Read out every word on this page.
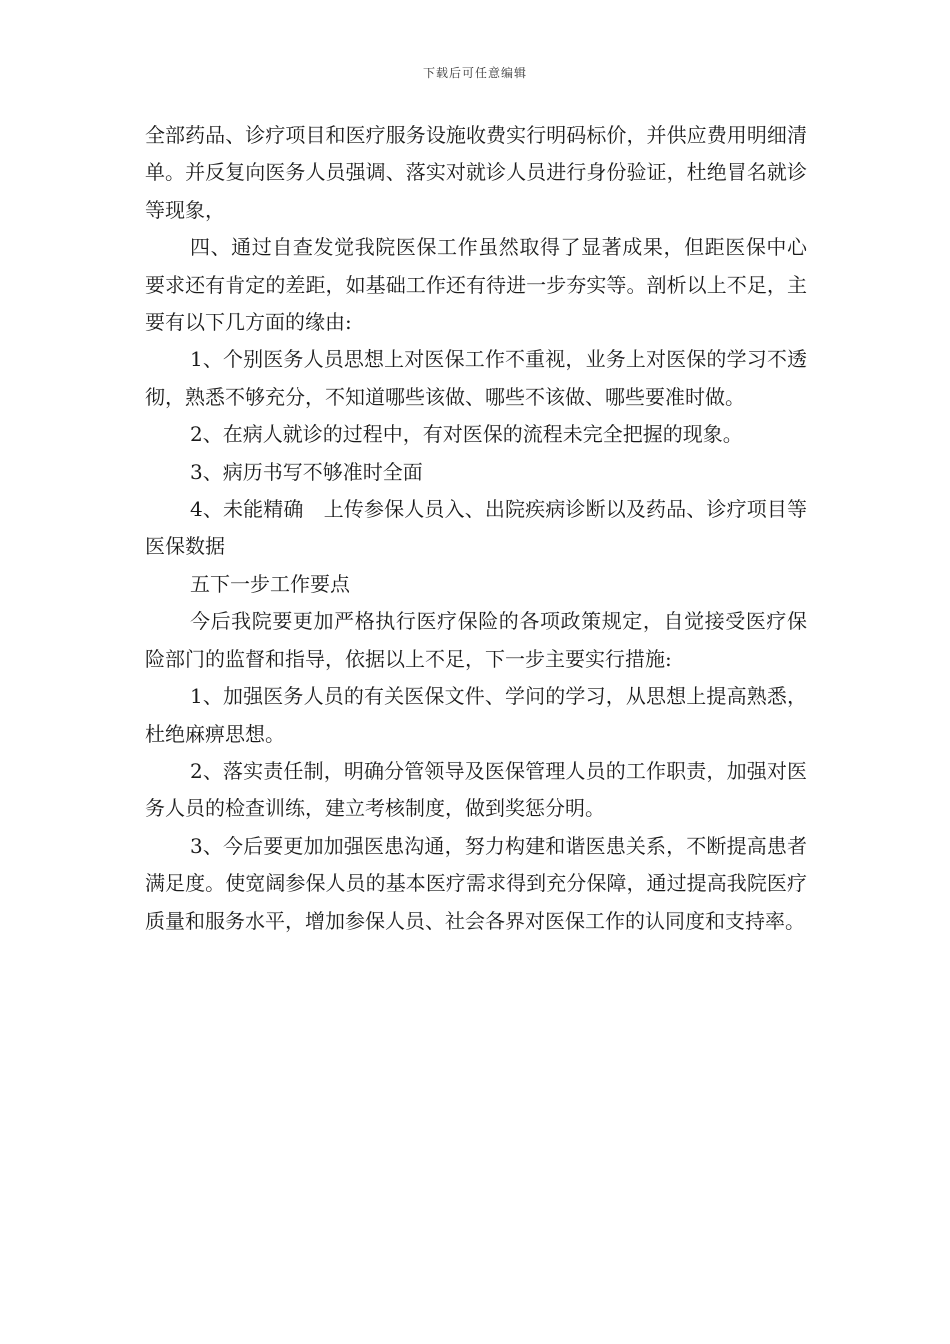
下载后可任意编辑

全部药品、诊疗项目和医疗服务设施收费实行明码标价，并供应费用明细清单。并反复向医务人员强调、落实对就诊人员进行身份验证，杜绝冒名就诊等现象，

四、通过自查发觉我院医保工作虽然取得了显著成果，但距医保中心要求还有肯定的差距，如基础工作还有待进一步夯实等。剖析以上不足，主要有以下几方面的缘由:

1、个别医务人员思想上对医保工作不重视，业务上对医保的学习不透彻，熟悉不够充分，不知道哪些该做、哪些不该做、哪些要准时做。

2、在病人就诊的过程中，有对医保的流程未完全把握的现象。

3、病历书写不够准时全面

4、未能精确　上传参保人员入、出院疾病诊断以及药品、诊疗项目等医保数据

五下一步工作要点

今后我院要更加严格执行医疗保险的各项政策规定，自觉接受医疗保险部门的监督和指导，依据以上不足，下一步主要实行措施:

1、加强医务人员的有关医保文件、学问的学习，从思想上提高熟悉，杜绝麻痹思想。

2、落实责任制，明确分管领导及医保管理人员的工作职责，加强对医务人员的检查训练，建立考核制度，做到奖惩分明。

3、今后要更加加强医患沟通，努力构建和谐医患关系，不断提高患者满足度。使宽阔参保人员的基本医疗需求得到充分保障，通过提高我院医疗质量和服务水平，增加参保人员、社会各界对医保工作的认同度和支持率。
